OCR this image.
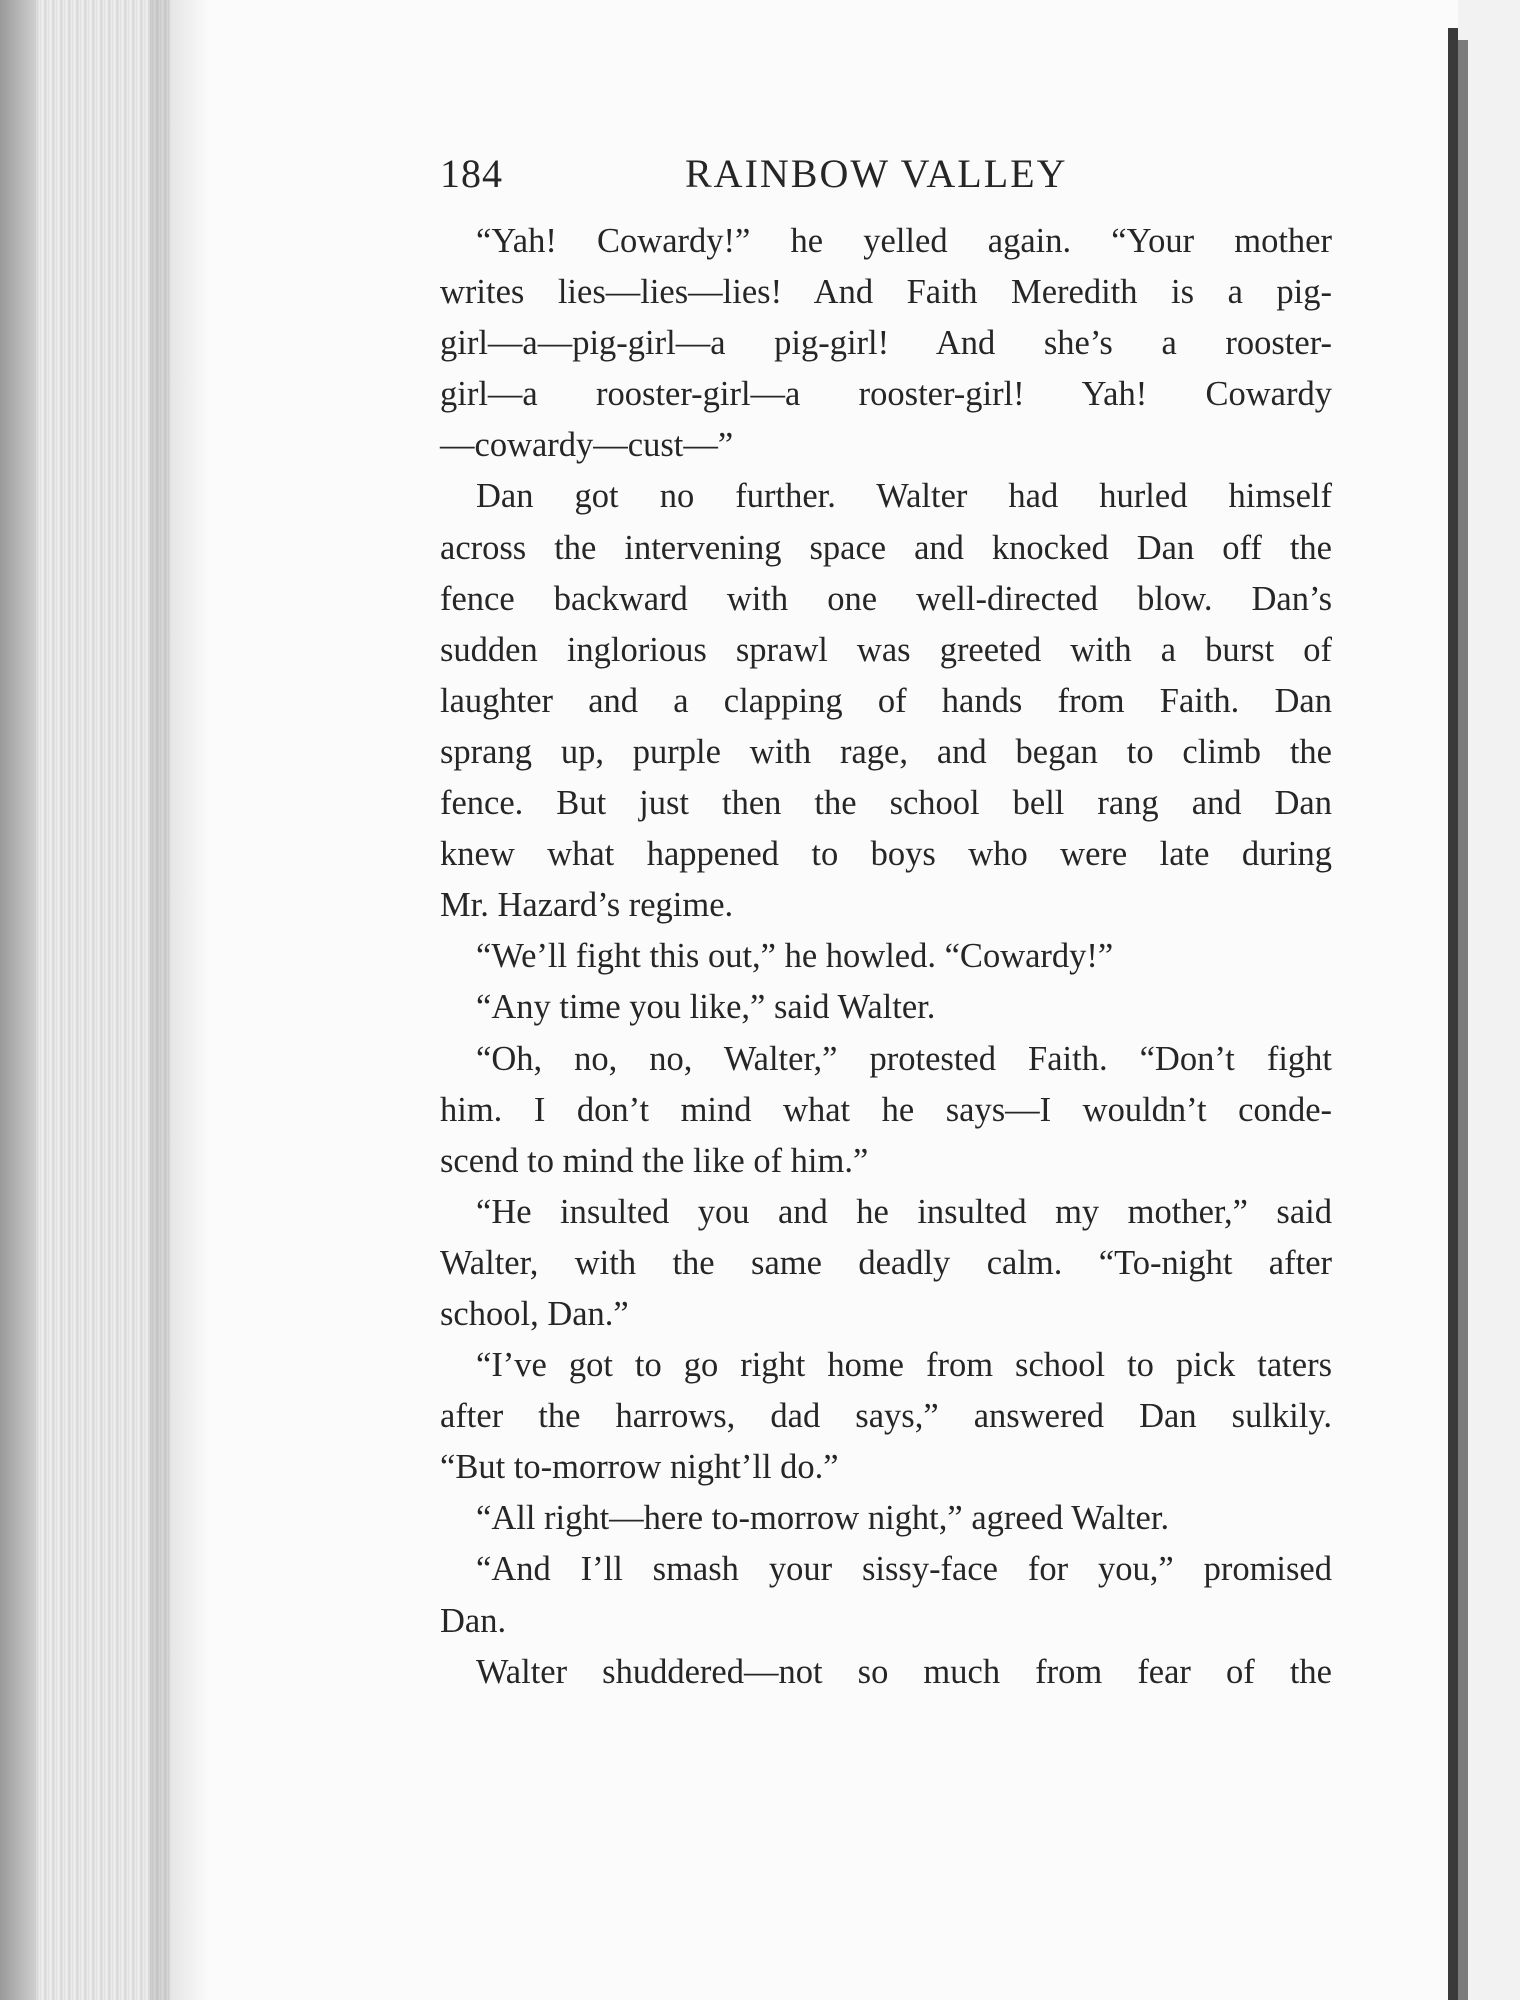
184	RAINBOW VALLEY
“Yah! Cowardy!” he yelled again. “Your mother
writes lies—lies—lies! And Faith Meredith is a pig-
girl—a—pig-girl—a pig-girl! And she’s a rooster-
girl—a rooster-girl—a rooster-girl! Yah! Cowardy
—cowardy—cust—”
Dan got no further. Walter had hurled himself
across the intervening space and knocked Dan off the
fence backward with one well-directed blow. Dan’s
sudden inglorious sprawl was greeted with a burst of
laughter and a clapping of hands from Faith. Dan
sprang up, purple with rage, and began to climb the
fence. But just then the school bell rang and Dan
knew what happened to boys who were late during
Mr. Hazard’s regime.
“We’ll fight this out,” he howled. “Cowardy!”
“Any time you like,” said Walter.
“Oh, no, no, Walter,” protested Faith. “Don’t fight
him. I don’t mind what he says—I wouldn’t conde-
scend to mind the like of him.”
“He insulted you and he insulted my mother,” said
Walter, with the same deadly calm. “To-night after
school, Dan.”
“I’ve got to go right home from school to pick taters
after the harrows, dad says,” answered Dan sulkily.
“But to-morrow night’ll do.”
“All right—here to-morrow night,” agreed Walter.
“And I’ll smash your sissy-face for you,” promised
Dan.
Walter shuddered—not so much from fear of the
